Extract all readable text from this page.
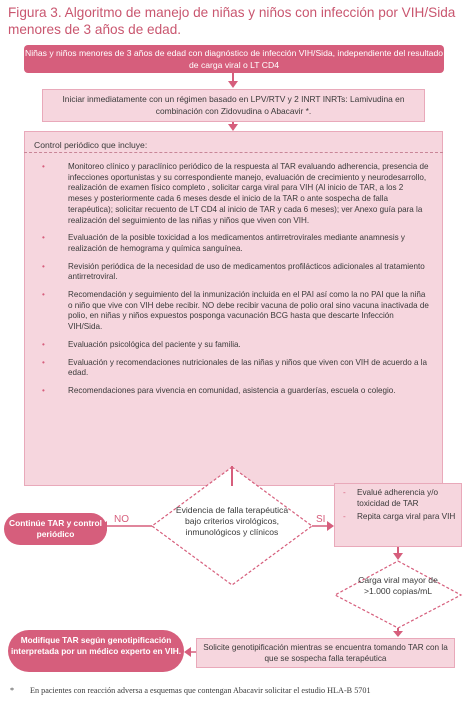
Figura 3. Algoritmo de manejo de niñas y niños con infección por VIH/Sida menores de 3 años de edad.
Niñas y niños menores de 3 años de edad con diagnóstico de infección VIH/Sida, independiente del resultado de carga viral o LT CD4
Iniciar inmediatamente con un régimen basado en LPV/RTV y 2 INRT INRTs: Lamivudina en combinación con Zidovudina o Abacavir *.
Control periódico que incluye:
•	Monitoreo clínico y paraclínico periódico de la respuesta al TAR evaluando adherencia, presencia de infecciones oportunistas y su correspondiente manejo, evaluación de crecimiento y neurodesarrollo, realización de examen físico completo , solicitar carga viral para VIH (Al inicio de TAR, a los 2 meses y posteriormente cada 6 meses desde el inicio de la TAR o ante sospecha de falla terapéutica); solicitar recuento de LT CD4 al inicio de TAR y cada 6 meses); ver Anexo guía para la realización del seguimiento de las niñas y niños que viven con VIH.
•	Evaluación de la posible toxicidad a los medicamentos antirretrovirales mediante anamnesis y realización de hemograma y química sanguínea.
•	Revisión periódica de la necesidad de uso de medicamentos profilácticos adicionales al tratamiento antirretroviral.
•	Recomendación y seguimiento del la inmunización incluida en el PAI así como la no PAI que la niña o niño que vive con VIH debe recibir. NO debe recibir vacuna de polio oral sino vacuna inactivada de polio, en niñas y niños expuestos posponga vacunación BCG hasta que descarte Infección VIH/Sida.
•	Evaluación psicológica del paciente y su familia.
•	Evaluación y recomendaciones nutricionales de las niñas y niños que viven con VIH de acuerdo a la edad.
•	Recomendaciones para vivencia en comunidad, asistencia a guarderías, escuela o colegio.
NO	SI
Evidencia de falla terapéutica bajo criterios virológicos, inmunológicos y clínicos
Continúe TAR y control periódico
- Evalué adherencia y/o toxicidad de TAR
- Repita carga viral para VIH
Carga viral mayor de >1.000 copias/mL
Solicite genotipificación mientras se encuentra tomando TAR con la que se sospecha falla terapéutica
Modifique TAR según genotipificación interpretada por un médico experto en VIH.
* En pacientes con reacción adversa a esquemas que contengan Abacavir solicitar el estudio HLA-B 5701
